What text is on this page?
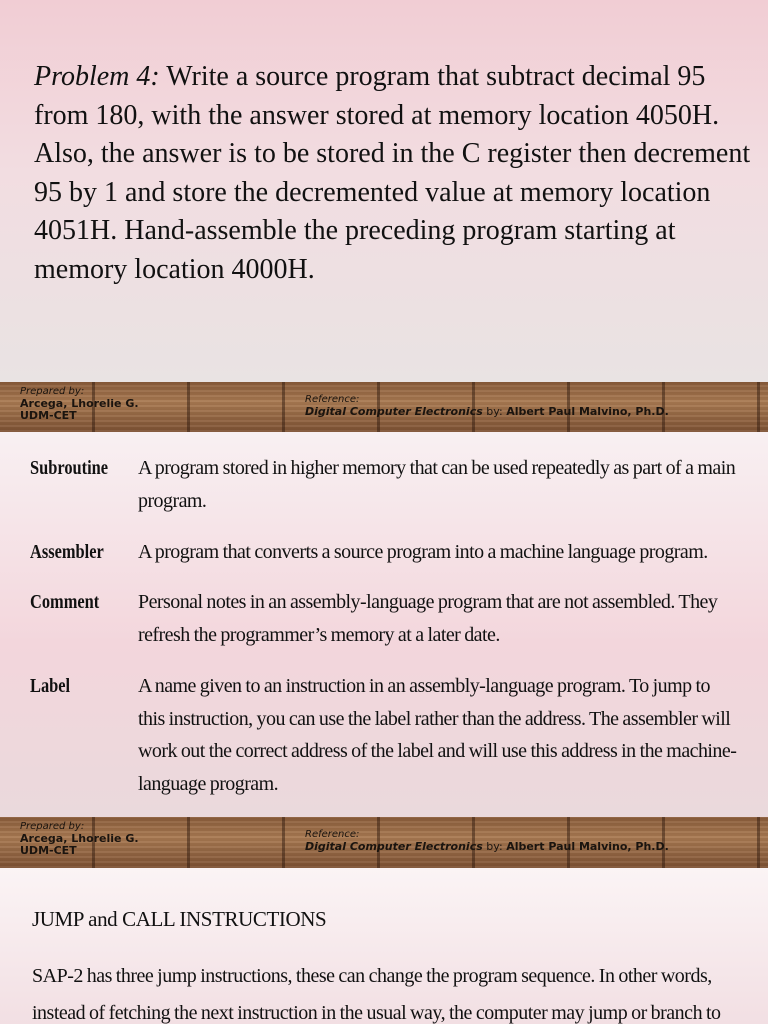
Problem 4: Write a source program that subtract decimal 95 from 180, with the answer stored at memory location 4050H. Also, the answer is to be stored in the C register then decrement 95 by 1 and store the decremented value at memory location 4051H. Hand-assemble the preceding program starting at memory location 4000H.
Prepared by:
Arcega, Lhorelie G.
UDM-CET
Reference:
Digital Computer Electronics by: Albert Paul Malvino, Ph.D.
Subroutine	A program stored in higher memory that can be used repeatedly as part of a main program.
Assembler	A program that converts a source program into a machine language program.
Comment	Personal notes in an assembly-language program that are not assembled. They refresh the programmer’s memory at a later date.
Label	A name given to an instruction in an assembly-language program. To jump to this instruction, you can use the label rather than the address. The assembler will work out the correct address of the label and will use this address in the machine-language program.
Prepared by:
Arcega, Lhorelie G.
UDM-CET
Reference:
Digital Computer Electronics by: Albert Paul Malvino, Ph.D.
JUMP and CALL INSTRUCTIONS
SAP-2 has three jump instructions, these can change the program sequence. In other words, instead of fetching the next instruction in the usual way, the computer may jump or branch to
